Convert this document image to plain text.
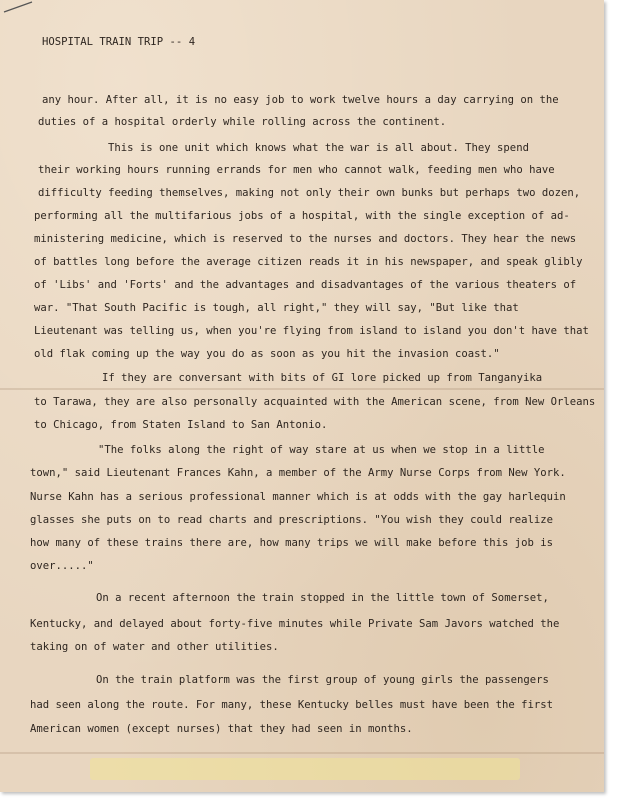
HOSPITAL TRAIN TRIP -- 4
any hour. After all, it is no easy job to work twelve hours a day carrying on the
duties of a hospital orderly while rolling across the continent.
This is one unit which knows what the war is all about. They spend
their working hours running errands for men who cannot walk, feeding men who have
difficulty feeding themselves, making not only their own bunks but perhaps two dozen,
performing all the multifarious jobs of a hospital, with the single exception of ad-
ministering medicine, which is reserved to the nurses and doctors. They hear the news
of battles long before the average citizen reads it in his newspaper, and speak glibly
of 'Libs' and 'Forts' and the advantages and disadvantages of the various theaters of
war. "That South Pacific is tough, all right," they will say, "But like that
Lieutenant was telling us, when you're flying from island to island you don't have that
old flak coming up the way you do as soon as you hit the invasion coast."
If they are conversant with bits of GI lore picked up from Tanganyika
to Tarawa, they are also personally acquainted with the American scene, from New Orleans
to Chicago, from Staten Island to San Antonio.
"The folks along the right of way stare at us when we stop in a little
town," said Lieutenant Frances Kahn, a member of the Army Nurse Corps from New York.
Nurse Kahn has a serious professional manner which is at odds with the gay harlequin
glasses she puts on to read charts and prescriptions. "You wish they could realize
how many of these trains there are, how many trips we will make before this job is
over....."
On a recent afternoon the train stopped in the little town of Somerset,
Kentucky, and delayed about forty-five minutes while Private Sam Javors watched the
taking on of water and other utilities.
On the train platform was the first group of young girls the passengers
had seen along the route. For many, these Kentucky belles must have been the first
American women (except nurses) that they had seen in months.
